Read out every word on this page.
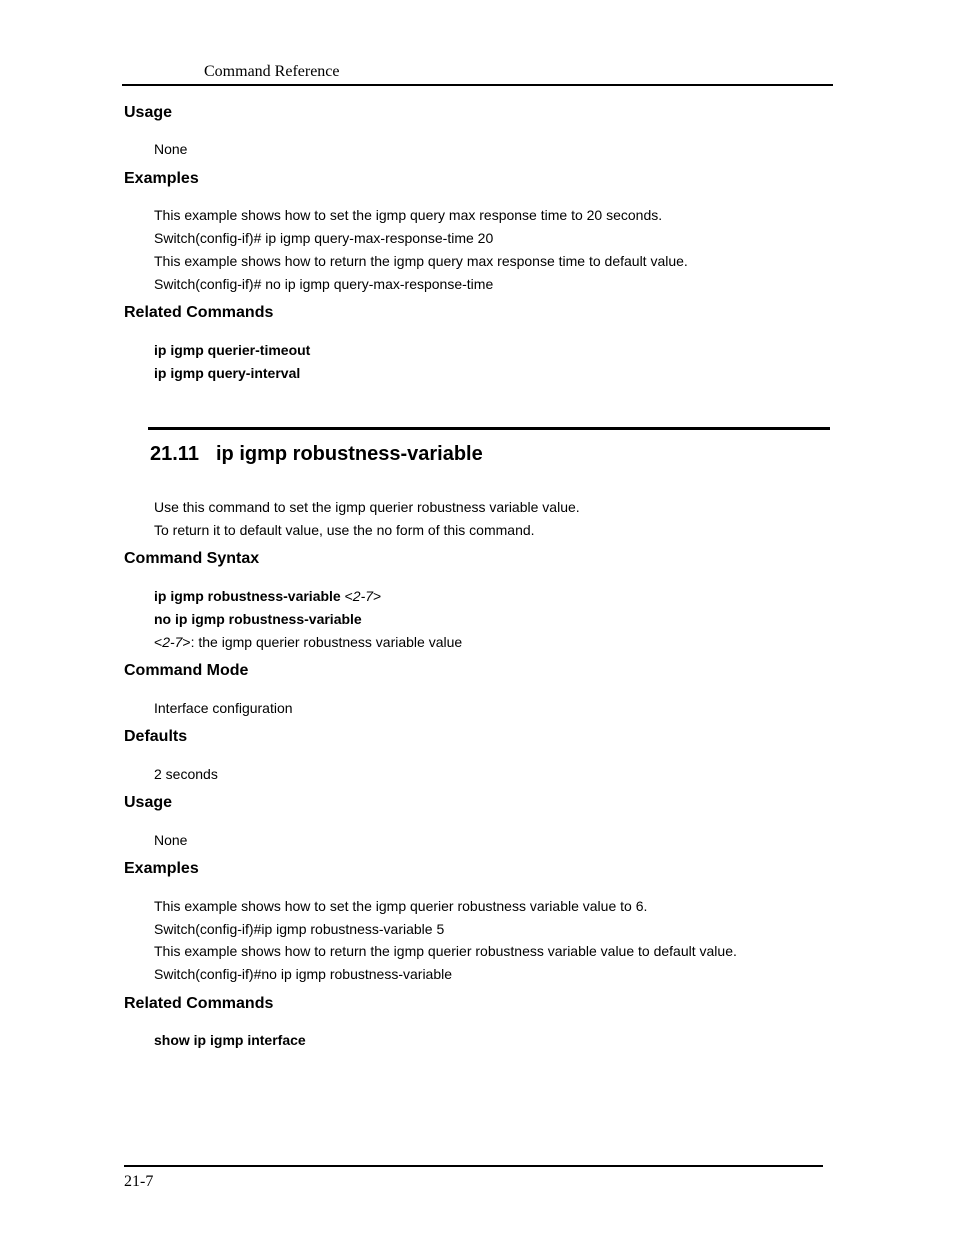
Command Reference
Usage
None
Examples
This example shows how to set the igmp query max response time to 20 seconds.
Switch(config-if)# ip igmp query-max-response-time 20
This example shows how to return the igmp query max response time to default value.
Switch(config-if)# no ip igmp query-max-response-time
Related Commands
ip igmp querier-timeout
ip igmp query-interval
21.11 ip igmp robustness-variable
Use this command to set the igmp querier robustness variable value.
To return it to default value, use the no form of this command.
Command Syntax
ip igmp robustness-variable <2-7>
no ip igmp robustness-variable
<2-7>: the igmp querier robustness variable value
Command Mode
Interface configuration
Defaults
2 seconds
Usage
None
Examples
This example shows how to set the igmp querier robustness variable value to 6.
Switch(config-if)#ip igmp robustness-variable 5
This example shows how to return the igmp querier robustness variable value to default value.
Switch(config-if)#no ip igmp robustness-variable
Related Commands
show ip igmp interface
21-7
